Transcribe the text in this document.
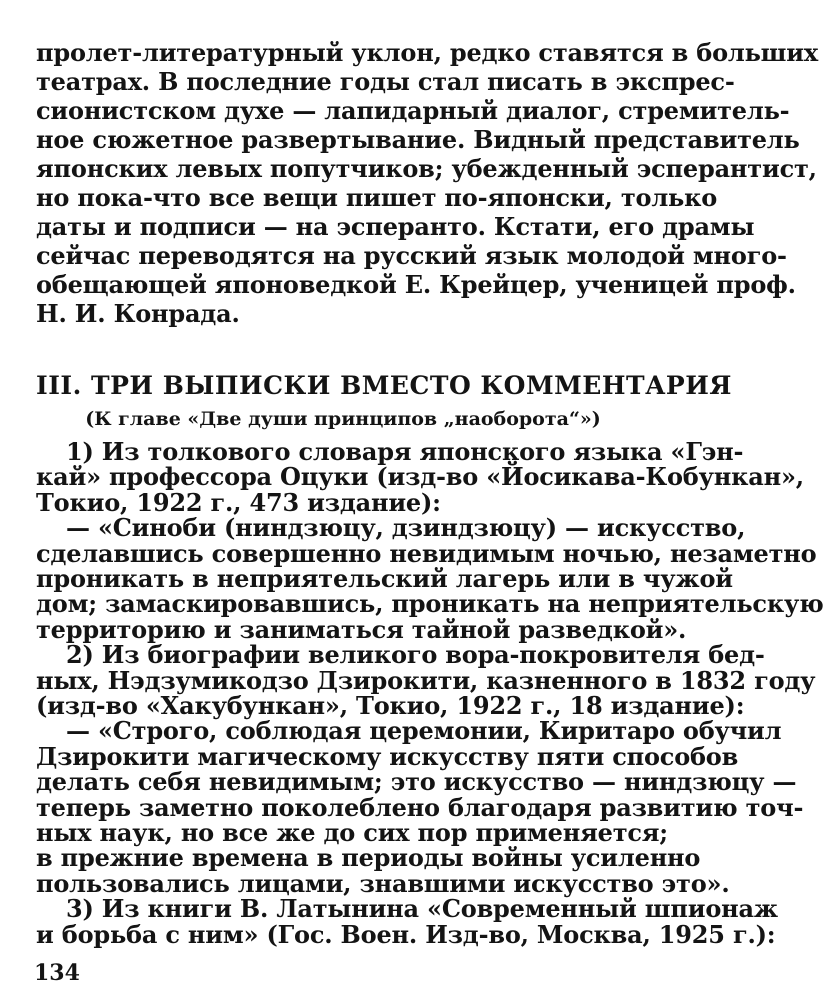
пролет-литературный уклон, редко ставятся в больших
театрах. В последние годы стал писать в экспрес-
сионистском духе — лапидарный диалог, стремитель-
ное сюжетное развертывание. Видный представитель
японских левых попутчиков; убежденный эсперантист,
но пока-что все вещи пишет по-японски, только
даты и подписи — на эсперанто. Кстати, его драмы
сейчас переводятся на русский язык молодой много-
обещающей японоведкой Е. Крейцер, ученицей проф.
Н. И. Конрада.
III. ТРИ ВЫПИСКИ ВМЕСТО КОММЕНТАРИЯ
(К главе «Две души принципов „наоборота“»)
1) Из толкового словаря японского языка «Гэн-
кай» профессора Оцуки (изд-во «Йосикава-Кобункан»,
Токио, 1922 г., 473 издание):
— «Синоби (ниндзюцу, дзиндзюцу) — искусство,
сделавшись совершенно невидимым ночью, незаметно
проникать в неприятельский лагерь или в чужой
дом; замаскировавшись, проникать на неприятельскую
территорию и заниматься тайной разведкой».
2) Из биографии великого вора-покровителя бед-
ных, Нэдзумикодзо Дзирокити, казненного в 1832 году
(изд-во «Хакубункан», Токио, 1922 г., 18 издание):
— «Строго, соблюдая церемонии, Киритаро обучил
Дзирокити магическому искусству пяти способов
делать себя невидимым; это искусство — ниндзюцу —
теперь заметно поколеблено благодаря развитию точ-
ных наук, но все же до сих пор применяется;
в прежние времена в периоды войны усиленно
пользовались лицами, знавшими искусство это».
3) Из книги В. Латынина «Современный шпионаж
и борьба с ним» (Гос. Воен. Изд-во, Москва, 1925 г.):
134
